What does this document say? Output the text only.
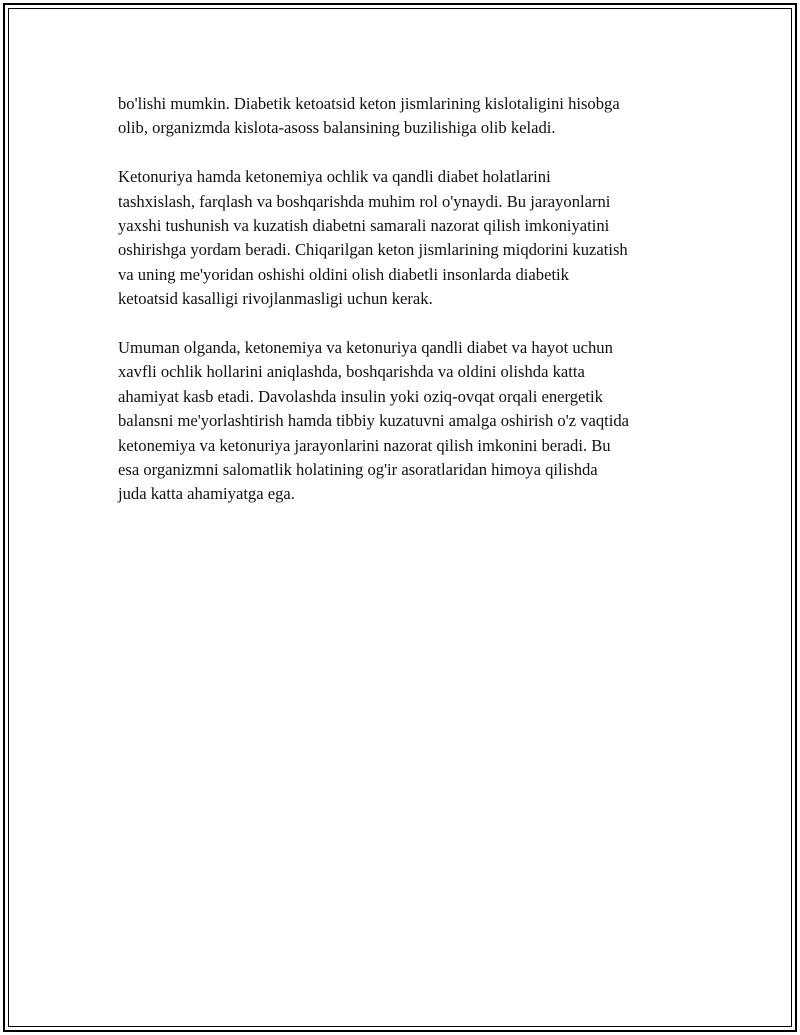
bo'lishi mumkin. Diabetik ketoatsid keton jismlarining kislotaligini hisobga
olib, organizmda kislota-asoss balansining buzilishiga olib keladi.

Ketonuriya hamda ketonemiya ochlik va qandli diabet holatlarini
tashxislash, farqlash va boshqarishda muhim rol o'ynaydi. Bu jarayonlarni
yaxshi tushunish va kuzatish diabetni samarali nazorat qilish imkoniyatini
oshirishga yordam beradi. Chiqarilgan keton jismlarining miqdorini kuzatish
va uning me'yoridan oshishi oldini olish diabetli insonlarda diabetik
ketoatsid kasalligi rivojlanmasligi uchun kerak.

Umuman olganda, ketonemiya va ketonuriya qandli diabet va hayot uchun
xavfli ochlik hollarini aniqlashda, boshqarishda va oldini olishda katta
ahamiyat kasb etadi. Davolashda insulin yoki oziq-ovqat orqali energetik
balansni me'yorlashtirish hamda tibbiy kuzatuvni amalga oshirish o'z vaqtida
ketonemiya va ketonuriya jarayonlarini nazorat qilish imkonini beradi. Bu
esa organizmni salomatlik holatining og'ir asoratlaridan himoya qilishda
juda katta ahamiyatga ega.
